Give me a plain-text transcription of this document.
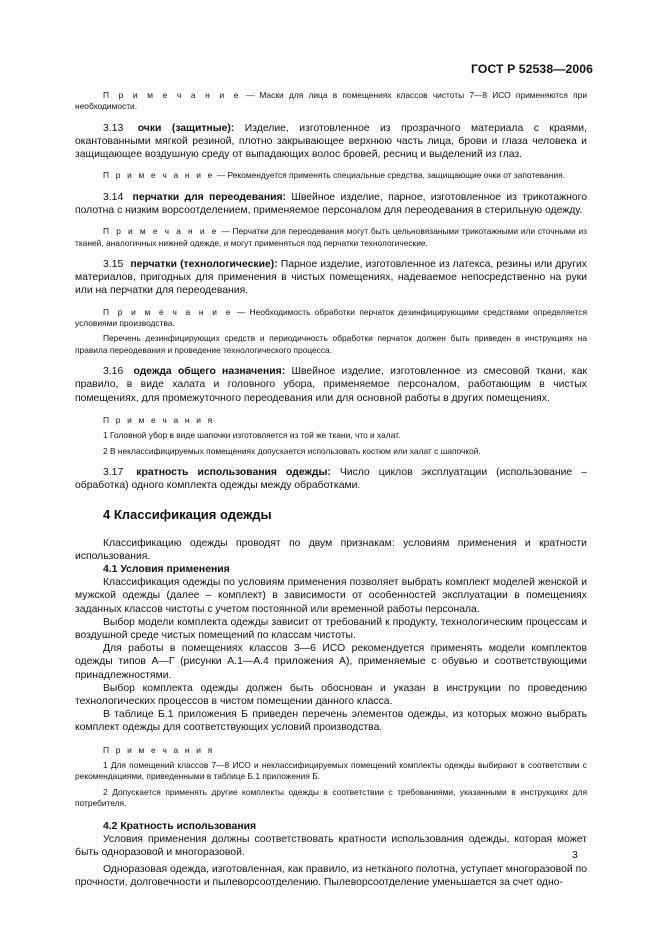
ГОСТ Р 52538—2006

П р и м е ч а н и е — Маски для лица в помещениях классов чистоты 7—8 ИСО применяются при необходимости.

3.13 очки (защитные): Изделие, изготовленное из прозрачного материала с краями, окантованными мягкой резиной, плотно закрывающее верхнюю часть лица, брови и глаза человека и защищающее воздушную среду от выпадающих волос бровей, ресниц и выделений из глаз.

П р и м е ч а н и е — Рекомендуется применять специальные средства, защищающие очки от запотевания.

3.14 перчатки для переодевания: Швейное изделие, парное, изготовленное из трикотажного полотна с низким ворсоотделением, применяемое персоналом для переодевания в стерильную одежду.

П р и м е ч а н и е — Перчатки для переодевания могут быть цельновязаными трикотажными или сточными из тканей, аналогичных нижней одежде, и могут применяться под перчатки технологические.

3.15 перчатки (технологические): Парное изделие, изготовленное из латекса, резины или других материалов, пригодных для применения в чистых помещениях, надеваемое непосредственно на руки или на перчатки для переодевания.

П р и м е ч а н и е — Необходимость обработки перчаток дезинфицирующими средствами определяется условиями производства.

Перечень дезинфицирующих средств и периодичность обработки перчаток должен быть приведен в инструкциях на правила переодевания и проведение технологического процесса.

3.16 одежда общего назначения: Швейное изделие, изготовленное из смесовой ткани, как правило, в виде халата и головного убора, применяемое персоналом, работающим в чистых помещениях, для промежуточного переодевания или для основной работы в других помещениях.

П р и м е ч а н и я

1 Головной убор в виде шапочки изготовляется из той же ткани, что и халат.

2 В неклассифицируемых помещениях допускается использовать костюм или халат с шапочкой.

3.17 кратность использования одежды: Число циклов эксплуатации (использование – обработка) одного комплекта одежды между обработками.

4 Классификация одежды

Классификацию одежды проводят по двум признакам: условиям применения и кратности использования.

4.1 Условия применения

Классификация одежды по условиям применения позволяет выбрать комплект моделей женской и мужской одежды (далее – комплект) в зависимости от особенностей эксплуатации в помещениях заданных классов чистоты с учетом постоянной или временной работы персонала.

Выбор модели комплекта одежды зависит от требований к продукту, технологическим процессам и воздушной среде чистых помещений по классам чистоты.

Для работы в помещениях классов 3—6 ИСО рекомендуется применять модели комплектов одежды типов А—Г (рисунки А.1—А.4 приложения А), применяемые с обувью и соответствующими принадлежностями.

Выбор комплекта одежды должен быть обоснован и указан в инструкции по проведению технологических процессов в чистом помещении данного класса.

В таблице Б.1 приложения Б приведен перечень элементов одежды, из которых можно выбрать комплект одежды для соответствующих условий производства.

П р и м е ч а н и я

1 Для помещений классов 7—8 ИСО и неклассифицируемых помещений комплекты одежды выбирают в соответствии с рекомендациями, приведенными в таблице Б.1 приложения Б.

2 Допускается применять другие комплекты одежды в соответствии с требованиями, указанными в инструкциях для потребителя.

4.2 Кратность использования

Условия применения должны соответствовать кратности использования одежды, которая может быть одноразовой и многоразовой.

Одноразовая одежда, изготовленная, как правило, из нетканого полотна, уступает многоразовой по прочности, долговечности и пылеворсоотделению. Пылеворсоотделение уменьшается за счет одно-

3
